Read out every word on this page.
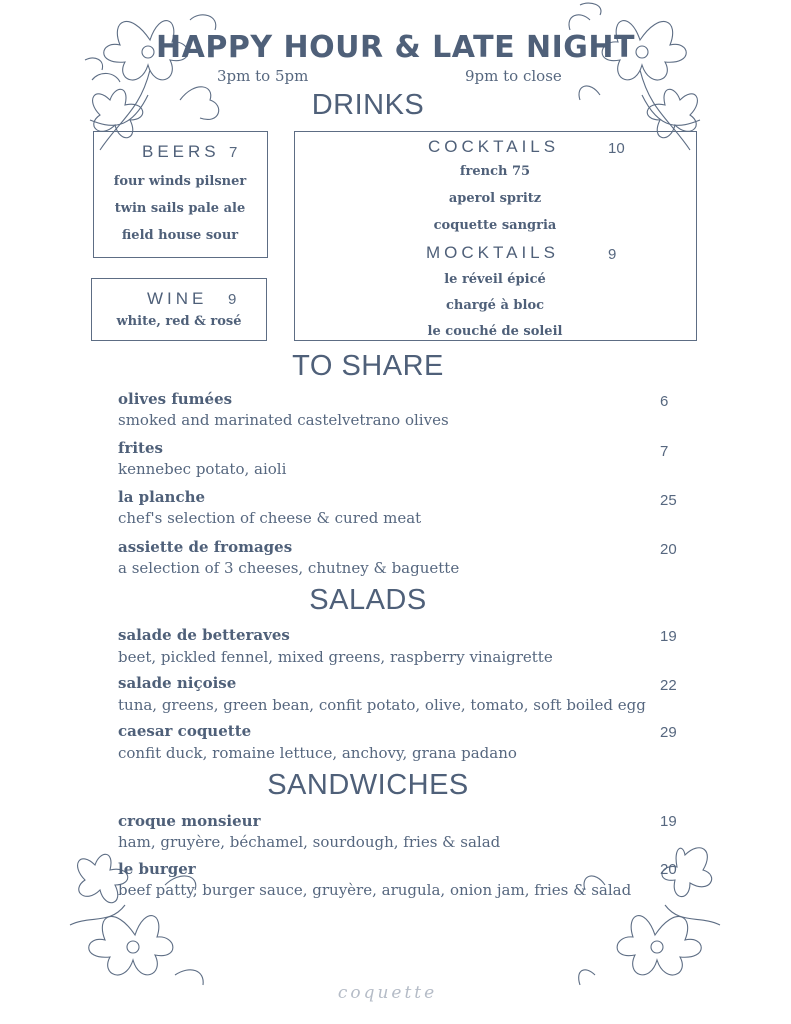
HAPPY HOUR & LATE NIGHT
3pm to 5pm	9pm to close
DRINKS
BEERS 7
four winds pilsner
twin sails pale ale
field house sour
WINE 9
white, red & rosé
COCKTAILS	10
french 75
aperol spritz
coquette sangria
MOCKTAILS	9
le réveil épicé
chargé à bloc
le couché de soleil
TO SHARE
olives fumées	6
smoked and marinated castelvetrano olives
frites	7
kennebec potato, aioli
la planche	25
chef's selection of cheese & cured meat
assiette de fromages	20
a selection of 3 cheeses, chutney & baguette
SALADS
salade de betteraves	19
beet, pickled fennel, mixed greens, raspberry vinaigrette
salade niçoise	22
tuna, greens, green bean, confit potato, olive, tomato, soft boiled egg
caesar coquette	29
confit duck, romaine lettuce, anchovy, grana padano
SANDWICHES
croque monsieur	19
ham, gruyère, béchamel, sourdough, fries & salad
le burger	20
beef patty, burger sauce, gruyère, arugula, onion jam, fries & salad
coquette
